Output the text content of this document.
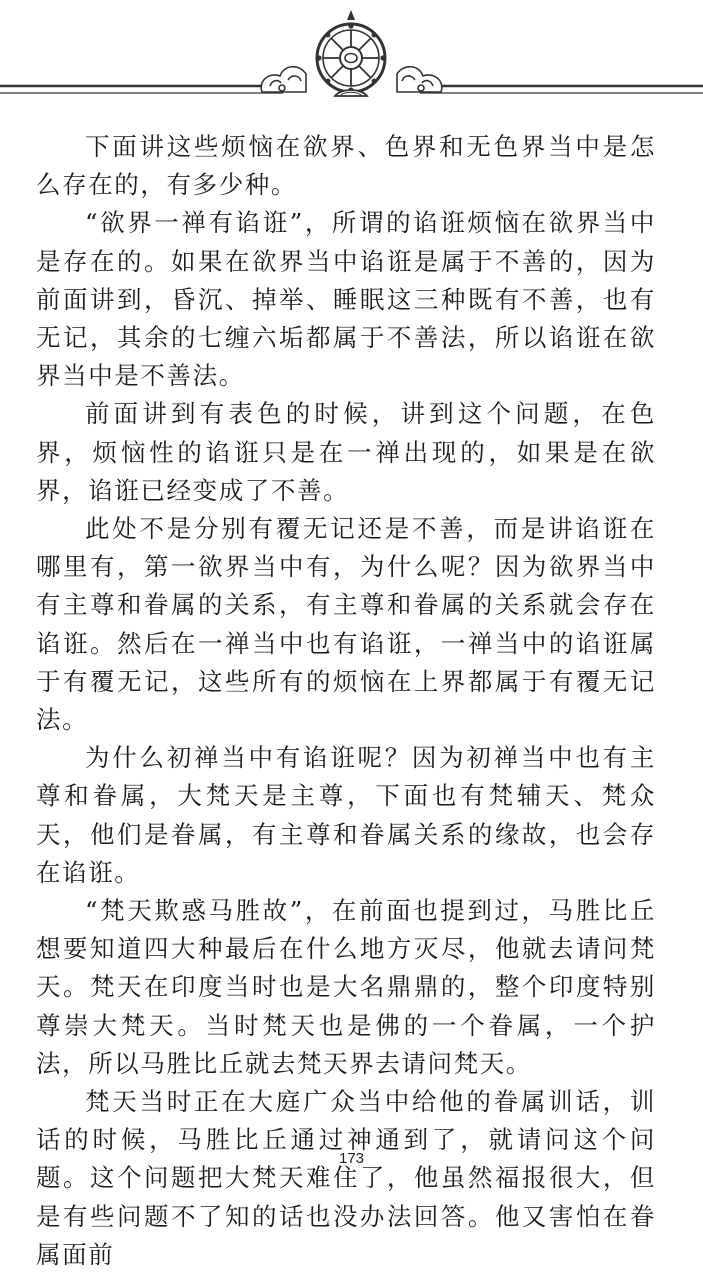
下面讲这些烦恼在欲界、色界和无色界当中是怎么存在的，有多少种。

“欲界一禅有谄诳”，所谓的谄诳烦恼在欲界当中是存在的。如果在欲界当中谄诳是属于不善的，因为前面讲到，昏沉、掉举、睡眠这三种既有不善，也有无记，其余的七缠六垢都属于不善法，所以谄诳在欲界当中是不善法。

前面讲到有表色的时候，讲到这个问题，在色界，烦恼性的谄诳只是在一禅出现的，如果是在欲界，谄诳已经变成了不善。

此处不是分别有覆无记还是不善，而是讲谄诳在哪里有，第一欲界当中有，为什么呢？因为欲界当中有主尊和眷属的关系，有主尊和眷属的关系就会存在谄诳。然后在一禅当中也有谄诳，一禅当中的谄诳属于有覆无记，这些所有的烦恼在上界都属于有覆无记法。

为什么初禅当中有谄诳呢？因为初禅当中也有主尊和眷属，大梵天是主尊，下面也有梵辅天、梵众天，他们是眷属，有主尊和眷属关系的缘故，也会存在谄诳。

“梵天欺惑马胜故”，在前面也提到过，马胜比丘想要知道四大种最后在什么地方灭尽，他就去请问梵天。梵天在印度当时也是大名鼎鼎的，整个印度特别尊崇大梵天。当时梵天也是佛的一个眷属，一个护法，所以马胜比丘就去梵天界去请问梵天。

梵天当时正在大庭广众当中给他的眷属训话，训话的时候，马胜比丘通过神通到了，就请问这个问题。这个问题把大梵天难住了，他虽然福报很大，但是有些问题不了知的话也没办法回答。他又害怕在眷属面前

173
